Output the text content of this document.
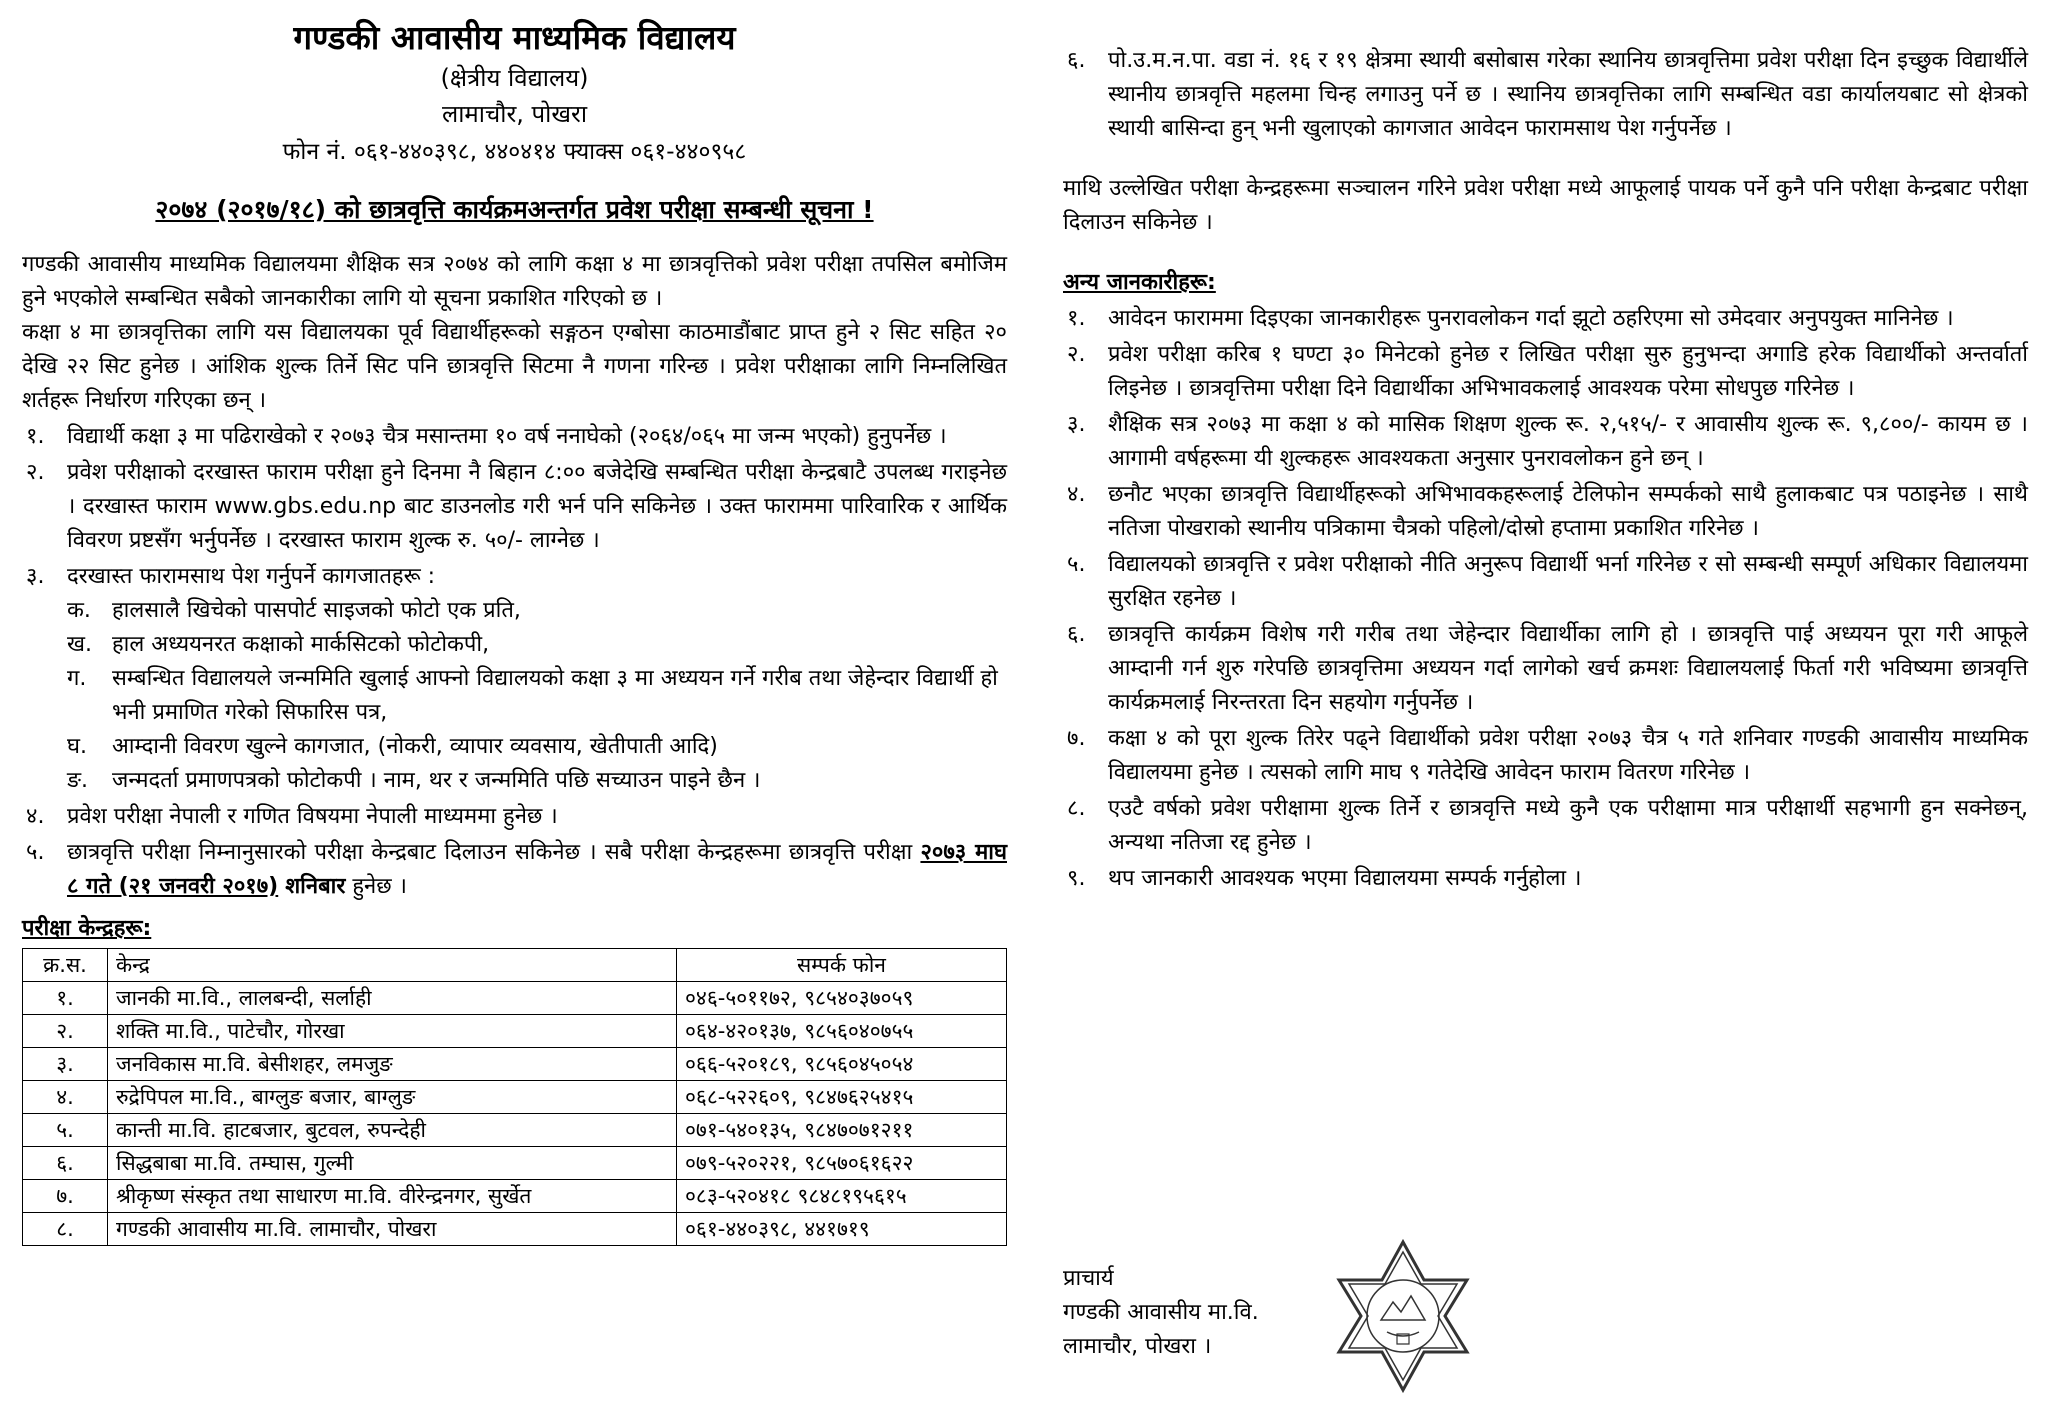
गण्डकी आवासीय माध्यमिक विद्यालय
(क्षेत्रीय विद्यालय)
लामाचौर, पोखरा
फोन नं. ०६१-४४०३९८, ४४०४१४ फ्याक्स ०६१-४४०९५८
२०७४ (२०१७/१८) को छात्रवृत्ति कार्यक्रमअन्तर्गत प्रवेश परीक्षा सम्बन्धी सूचना !
गण्डकी आवासीय माध्यमिक विद्यालयमा शैक्षिक सत्र २०७४ को लागि कक्षा ४ मा छात्रवृत्तिको प्रवेश परीक्षा तपसिल बमोजिम हुने भएकोले सम्बन्धित सबैको जानकारीका लागि यो सूचना प्रकाशित गरिएको छ ।
कक्षा ४ मा छात्रवृत्तिका लागि यस विद्यालयका पूर्व विद्यार्थीहरूको सङ्गठन एग्बोसा काठमाडौंबाट प्राप्त हुने २ सिट सहित २० देखि २२ सिट हुनेछ । आंशिक शुल्क तिर्ने सिट पनि छात्रवृत्ति सिटमा नै गणना गरिन्छ । प्रवेश परीक्षाका लागि निम्नलिखित शर्तहरू निर्धारण गरिएका छन् ।
१.	विद्यार्थी कक्षा ३ मा पढिराखेको र २०७३ चैत्र मसान्तमा १० वर्ष ननाघेको (२०६४/०६५ मा जन्म भएको) हुनुपर्नेछ ।
२.	प्रवेश परीक्षाको दरखास्त फाराम परीक्षा हुने दिनमा नै बिहान ८:०० बजेदेखि सम्बन्धित परीक्षा केन्द्रबाटै उपलब्ध गराइनेछ । दरखास्त फाराम www.gbs.edu.np बाट डाउनलोड गरी भर्न पनि सकिनेछ । उक्त फाराममा पारिवारिक र आर्थिक विवरण प्रष्टसँग भर्नुपर्नेछ । दरखास्त फाराम शुल्क रु. ५०/- लाग्नेछ ।
३.	दरखास्त फारामसाथ पेश गर्नुपर्ने कागजातहरू :
क. हालसालै खिचेको पासपोर्ट साइजको फोटो एक प्रति,
ख. हाल अध्ययनरत कक्षाको मार्कसिटको फोटोकपी,
ग.	सम्बन्धित विद्यालयले जन्ममिति खुलाई आफ्नो विद्यालयको कक्षा ३ मा अध्ययन गर्ने गरीब तथा जेहेन्दार विद्यार्थी हो भनी प्रमाणित गरेको सिफारिस पत्र,
घ.	आम्दानी विवरण खुल्ने कागजात, (नोकरी, व्यापार व्यवसाय, खेतीपाती आदि)
ङ.	जन्मदर्ता प्रमाणपत्रको फोटोकपी । नाम, थर र जन्ममिति पछि सच्याउन पाइने छैन ।
४.	प्रवेश परीक्षा नेपाली र गणित विषयमा नेपाली माध्यममा हुनेछ ।
५.	छात्रवृत्ति परीक्षा निम्नानुसारको परीक्षा केन्द्रबाट दिलाउन सकिनेछ । सबै परीक्षा केन्द्रहरूमा छात्रवृत्ति परीक्षा २०७३ माघ ८ गते (२१ जनवरी २०१७) शनिबार हुनेछ ।
परीक्षा केन्द्रहरू:
क्र.स.	केन्द्र	सम्पर्क फोन
१.	जानकी मा.वि., लालबन्दी, सर्लाही	०४६-५०११७२, ९८५४०३७०५९
२.	शक्ति मा.वि., पाटेचौर, गोरखा	०६४-४२०१३७, ९८५६०४०७५५
३.	जनविकास मा.वि. बेसीशहर, लमजुङ	०६६-५२०१८९, ९८५६०४५०५४
४.	रुद्रेपिपल मा.वि., बाग्लुङ बजार, बाग्लुङ	०६८-५२२६०९, ९८४७६२५४१५
५.	कान्ती मा.वि. हाटबजार, बुटवल, रुपन्देही	०७१-५४०१३५, ९८४७०७१२११
६.	सिद्धबाबा मा.वि. तम्घास, गुल्मी	०७९-५२०२२१, ९८५७०६१६२२
७.	श्रीकृष्ण संस्कृत तथा साधारण मा.वि. वीरेन्द्रनगर, सुर्खेत	०८३-५२०४१८ ९८४८१९५६१५
८.	गण्डकी आवासीय मा.वि. लामाचौर, पोखरा	०६१-४४०३९८, ४४१७१९
६.	पो.उ.म.न.पा. वडा नं. १६ र १९ क्षेत्रमा स्थायी बसोबास गरेका स्थानिय छात्रवृत्तिमा प्रवेश परीक्षा दिन इच्छुक विद्यार्थीले स्थानीय छात्रवृत्ति महलमा चिन्ह लगाउनु पर्ने छ । स्थानिय छात्रवृत्तिका लागि सम्बन्धित वडा कार्यालयबाट सो क्षेत्रको स्थायी बासिन्दा हुन् भनी खुलाएको कागजात आवेदन फारामसाथ पेश गर्नुपर्नेछ ।
माथि उल्लेखित परीक्षा केन्द्रहरूमा सञ्चालन गरिने प्रवेश परीक्षा मध्ये आफूलाई पायक पर्ने कुनै पनि परीक्षा केन्द्रबाट परीक्षा दिलाउन सकिनेछ ।
अन्य जानकारीहरू:
१.	आवेदन फाराममा दिइएका जानकारीहरू पुनरावलोकन गर्दा झूटो ठहरिएमा सो उमेदवार अनुपयुक्त मानिनेछ ।
२.	प्रवेश परीक्षा करिब १ घण्टा ३० मिनेटको हुनेछ र लिखित परीक्षा सुरु हुनुभन्दा अगाडि हरेक विद्यार्थीको अन्तर्वार्ता लिइनेछ । छात्रवृत्तिमा परीक्षा दिने विद्यार्थीका अभिभावकलाई आवश्यक परेमा सोधपुछ गरिनेछ ।
३.	शैक्षिक सत्र २०७३ मा कक्षा ४ को मासिक शिक्षण शुल्क रू. २,५१५/- र आवासीय शुल्क रू. ९,८००/- कायम छ । आगामी वर्षहरूमा यी शुल्कहरू आवश्यकता अनुसार पुनरावलोकन हुने छन् ।
४.	छनौट भएका छात्रवृत्ति विद्यार्थीहरूको अभिभावकहरूलाई टेलिफोन सम्पर्कको साथै हुलाकबाट पत्र पठाइनेछ । साथै नतिजा पोखराको स्थानीय पत्रिकामा चैत्रको पहिलो/दोस्रो हप्तामा प्रकाशित गरिनेछ ।
५.	विद्यालयको छात्रवृत्ति र प्रवेश परीक्षाको नीति अनुरूप विद्यार्थी भर्ना गरिनेछ र सो सम्बन्धी सम्पूर्ण अधिकार विद्यालयमा सुरक्षित रहनेछ ।
६.	छात्रवृत्ति कार्यक्रम विशेष गरी गरीब तथा जेहेन्दार विद्यार्थीका लागि हो । छात्रवृत्ति पाई अध्ययन पूरा गरी आफूले आम्दानी गर्न शुरु गरेपछि छात्रवृत्तिमा अध्ययन गर्दा लागेको खर्च क्रमशः विद्यालयलाई फिर्ता गरी भविष्यमा छात्रवृत्ति कार्यक्रमलाई निरन्तरता दिन सहयोग गर्नुपर्नेछ ।
७.	कक्षा ४ को पूरा शुल्क तिरेर पढ्ने विद्यार्थीको प्रवेश परीक्षा २०७३ चैत्र ५ गते शनिवार गण्डकी आवासीय माध्यमिक विद्यालयमा हुनेछ । त्यसको लागि माघ ९ गतेदेखि आवेदन फाराम वितरण गरिनेछ ।
८.	एउटै वर्षको प्रवेश परीक्षामा शुल्क तिर्ने र छात्रवृत्ति मध्ये कुनै एक परीक्षामा मात्र परीक्षार्थी सहभागी हुन सक्नेछन्, अन्यथा नतिजा रद्द हुनेछ ।
९.	थप जानकारी आवश्यक भएमा विद्यालयमा सम्पर्क गर्नुहोला ।
प्राचार्य
गण्डकी आवासीय मा.वि.
लामाचौर, पोखरा ।
